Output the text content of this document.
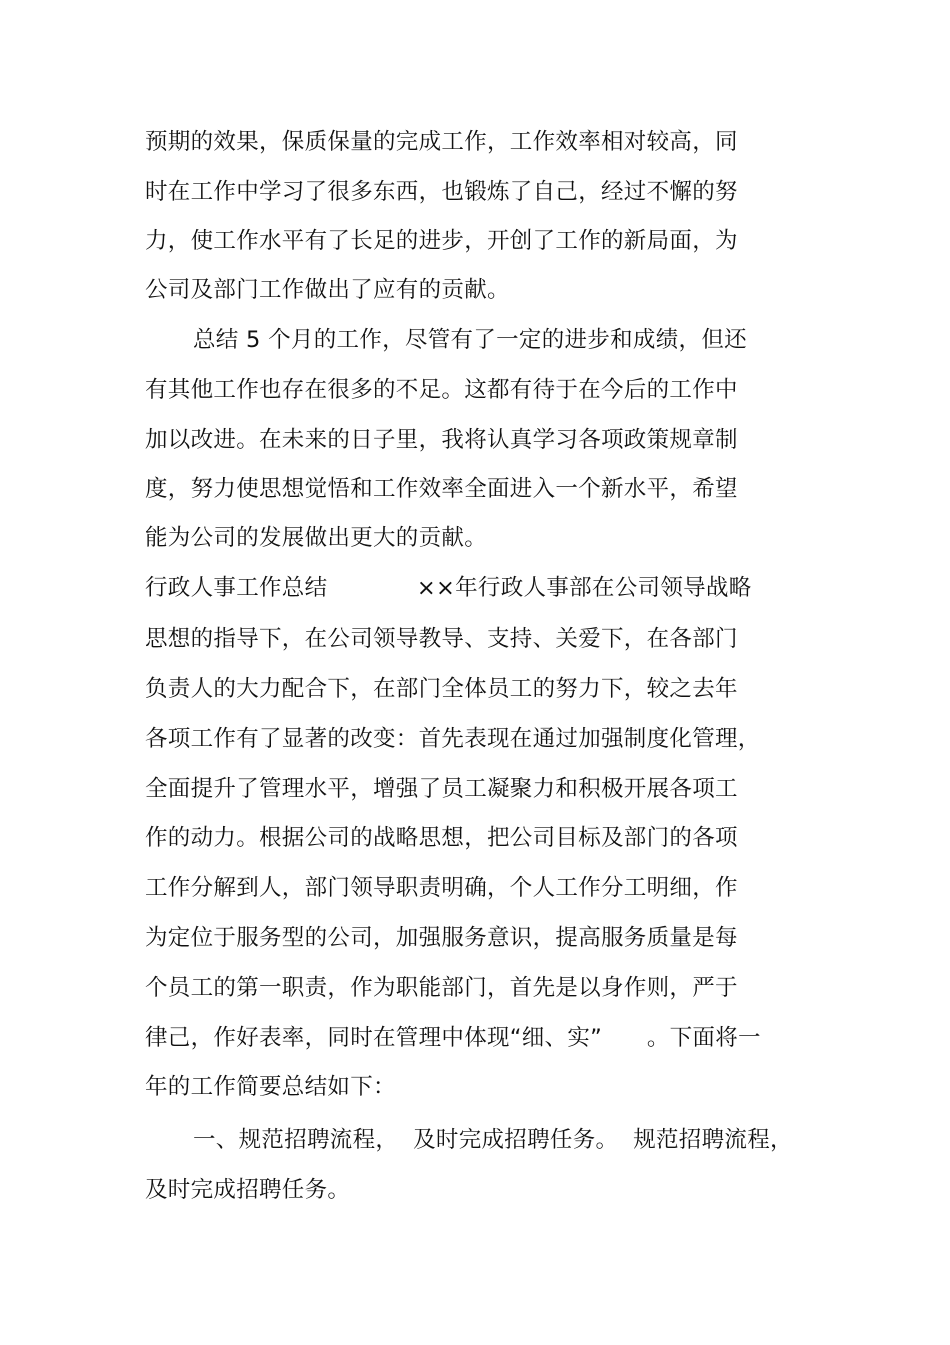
预期的效果，保质保量的完成工作，工作效率相对较高，同
时在工作中学习了很多东西，也锻炼了自己，经过不懈的努
力，使工作水平有了长足的进步，开创了工作的新局面，为
公司及部门工作做出了应有的贡献。
总结 5 个月的工作，尽管有了一定的进步和成绩，但还
有其他工作也存在很多的不足。这都有待于在今后的工作中
加以改进。在未来的日子里，我将认真学习各项政策规章制
度，努力使思想觉悟和工作效率全面进入一个新水平，希望
能为公司的发展做出更大的贡献。
行政人事工作总结            ××年行政人事部在公司领导战略
思想的指导下，在公司领导教导、支持、关爱下，在各部门
负责人的大力配合下，在部门全体员工的努力下，较之去年
各项工作有了显著的改变：首先表现在通过加强制度化管理，
全面提升了管理水平，增强了员工凝聚力和积极开展各项工
作的动力。根据公司的战略思想，把公司目标及部门的各项
工作分解到人，部门领导职责明确，个人工作分工明细，作
为定位于服务型的公司，加强服务意识，提高服务质量是每
个员工的第一职责，作为职能部门，首先是以身作则，严于
律己，作好表率，同时在管理中体现“细、实”      。下面将一
年的工作简要总结如下：
一、规范招聘流程，  及时完成招聘任务。  规范招聘流程，
及时完成招聘任务。
